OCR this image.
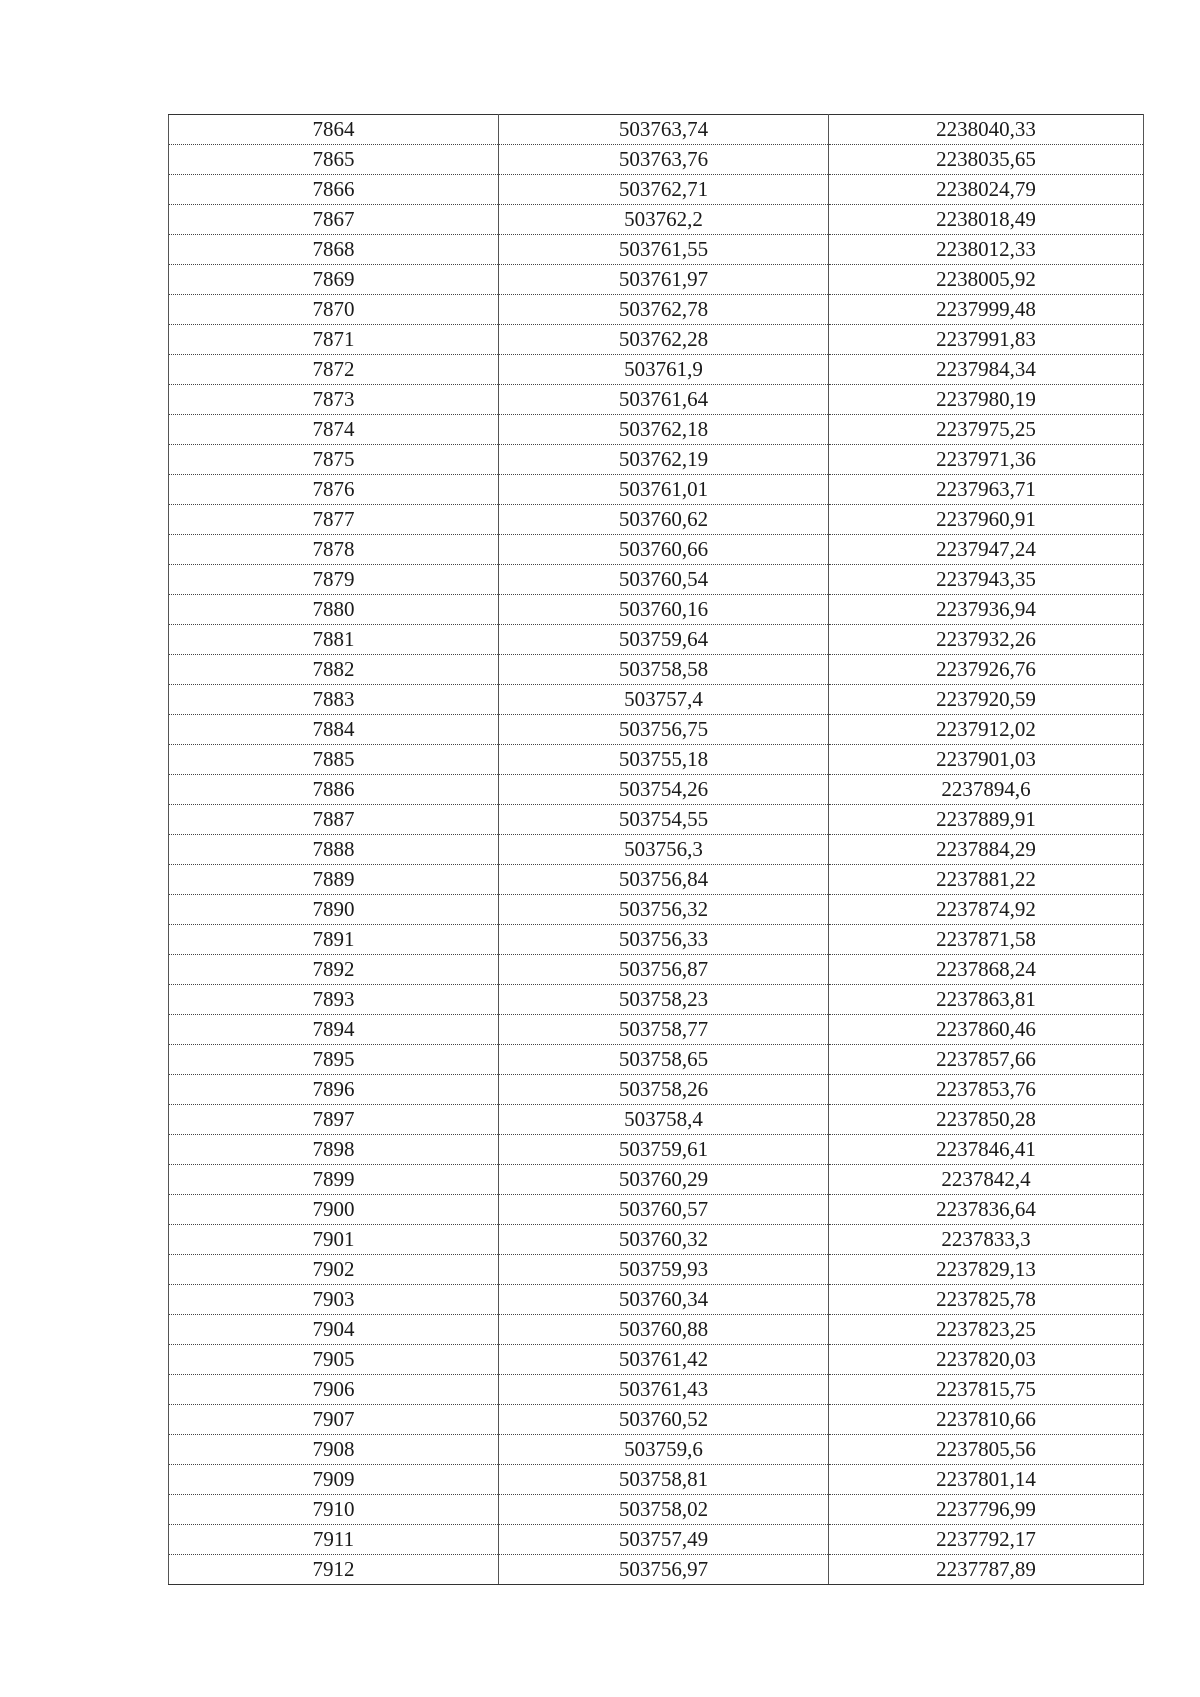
7864	503763,74	2238040,33
7865	503763,76	2238035,65
7866	503762,71	2238024,79
7867	503762,2	2238018,49
7868	503761,55	2238012,33
7869	503761,97	2238005,92
7870	503762,78	2237999,48
7871	503762,28	2237991,83
7872	503761,9	2237984,34
7873	503761,64	2237980,19
7874	503762,18	2237975,25
7875	503762,19	2237971,36
7876	503761,01	2237963,71
7877	503760,62	2237960,91
7878	503760,66	2237947,24
7879	503760,54	2237943,35
7880	503760,16	2237936,94
7881	503759,64	2237932,26
7882	503758,58	2237926,76
7883	503757,4	2237920,59
7884	503756,75	2237912,02
7885	503755,18	2237901,03
7886	503754,26	2237894,6
7887	503754,55	2237889,91
7888	503756,3	2237884,29
7889	503756,84	2237881,22
7890	503756,32	2237874,92
7891	503756,33	2237871,58
7892	503756,87	2237868,24
7893	503758,23	2237863,81
7894	503758,77	2237860,46
7895	503758,65	2237857,66
7896	503758,26	2237853,76
7897	503758,4	2237850,28
7898	503759,61	2237846,41
7899	503760,29	2237842,4
7900	503760,57	2237836,64
7901	503760,32	2237833,3
7902	503759,93	2237829,13
7903	503760,34	2237825,78
7904	503760,88	2237823,25
7905	503761,42	2237820,03
7906	503761,43	2237815,75
7907	503760,52	2237810,66
7908	503759,6	2237805,56
7909	503758,81	2237801,14
7910	503758,02	2237796,99
7911	503757,49	2237792,17
7912	503756,97	2237787,89
